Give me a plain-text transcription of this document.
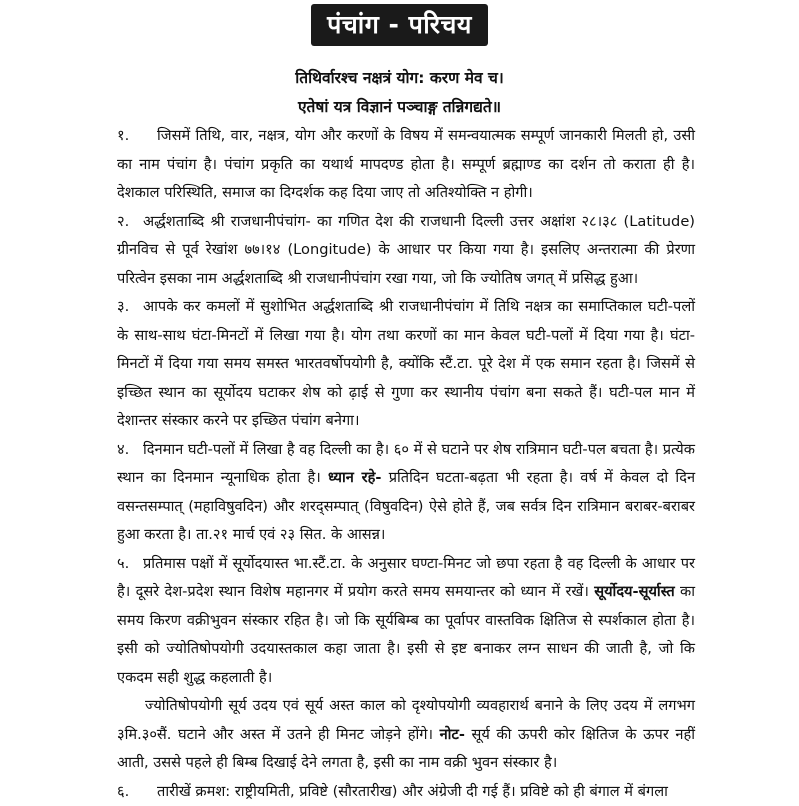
पंचांग - परिचय
तिथिर्वारश्च नक्षत्रं योग: करण मेव च।
एतेषां यत्र विज्ञानं पञ्चाङ्ग तन्निगद्यते॥

१. जिसमें तिथि, वार, नक्षत्र, योग और करणों के विषय में समन्वयात्मक सम्पूर्ण जानकारी मिलती हो, उसी का नाम पंचांग है। पंचांग प्रकृति का यथार्थ मापदण्ड होता है। सम्पूर्ण ब्रह्माण्ड का दर्शन तो कराता ही है। देशकाल परिस्थिति, समाज का दिग्दर्शक कह दिया जाए तो अतिश्योक्ति न होगी।

२. अर्द्धशताब्दि श्री राजधानीपंचांग- का गणित देश की राजधानी दिल्ली उत्तर अक्षांश २८।३८ (Latitude) ग्रीनविच से पूर्व रेखांश ७७।१४ (Longitude) के आधार पर किया गया है। इसलिए अन्तरात्मा की प्रेरणा परित्वेन इसका नाम अर्द्धशताब्दि श्री राजधानीपंचांग रखा गया, जो कि ज्योतिष जगत् में प्रसिद्ध हुआ।

३. आपके कर कमलों में सुशोभित अर्द्धशताब्दि श्री राजधानीपंचांग में तिथि नक्षत्र का समाप्तिकाल घटी-पलों के साथ-साथ घंटा-मिनटों में लिखा गया है। योग तथा करणों का मान केवल घटी-पलों में दिया गया है। घंटा-मिनटों में दिया गया समय समस्त भारतवर्षोपयोगी है, क्योंकि स्टैं.टा. पूरे देश में एक समान रहता है। जिसमें से इच्छित स्थान का सूर्योदय घटाकर शेष को ढ़ाई से गुणा कर स्थानीय पंचांग बना सकते हैं। घटी-पल मान में देशान्तर संस्कार करने पर इच्छित पंचांग बनेगा।

४. दिनमान घटी-पलों में लिखा है वह दिल्ली का है। ६० में से घटाने पर शेष रात्रिमान घटी-पल बचता है। प्रत्येक स्थान का दिनमान न्यूनाधिक होता है। ध्यान रहे- प्रतिदिन घटता-बढ़ता भी रहता है। वर्ष में केवल दो दिन वसन्तसम्पात् (महाविषुवदिन) और शरद्सम्पात् (विषुवदिन) ऐसे होते हैं, जब सर्वत्र दिन रात्रिमान बराबर-बराबर हुआ करता है। ता.२१ मार्च एवं २३ सित. के आसन्न।

५. प्रतिमास पक्षों में सूर्योदयास्त भा.स्टैं.टा. के अनुसार घण्टा-मिनट जो छपा रहता है वह दिल्ली के आधार पर है। दूसरे देश-प्रदेश स्थान विशेष महानगर में प्रयोग करते समय समयान्तर को ध्यान में रखें। सूर्योदय-सूर्यास्त का समय किरण वक्रीभुवन संस्कार रहित है। जो कि सूर्यबिम्ब का पूर्वापर वास्तविक क्षितिज से स्पर्शकाल होता है। इसी को ज्योतिषोपयोगी उदयास्तकाल कहा जाता है। इसी से इष्ट बनाकर लग्न साधन की जाती है, जो कि एकदम सही शुद्ध कहलाती है।

ज्योतिषोपयोगी सूर्य उदय एवं सूर्य अस्त काल को दृश्योपयोगी व्यवहारार्थ बनाने के लिए उदय में लगभग ३मि.३०सैं. घटाने और अस्त में उतने ही मिनट जोड़ने होंगे। नोट- सूर्य की ऊपरी कोर क्षितिज के ऊपर नहीं आती, उससे पहले ही बिम्ब दिखाई देने लगता है, इसी का नाम वक्री भुवन संस्कार है।

६. तारीखें क्रमश: राष्ट्रीयमिती, प्रविष्टे (सौरतारीख) और अंग्रेजी दी गई हैं। प्रविष्टे को ही बंगाल में बंगला
